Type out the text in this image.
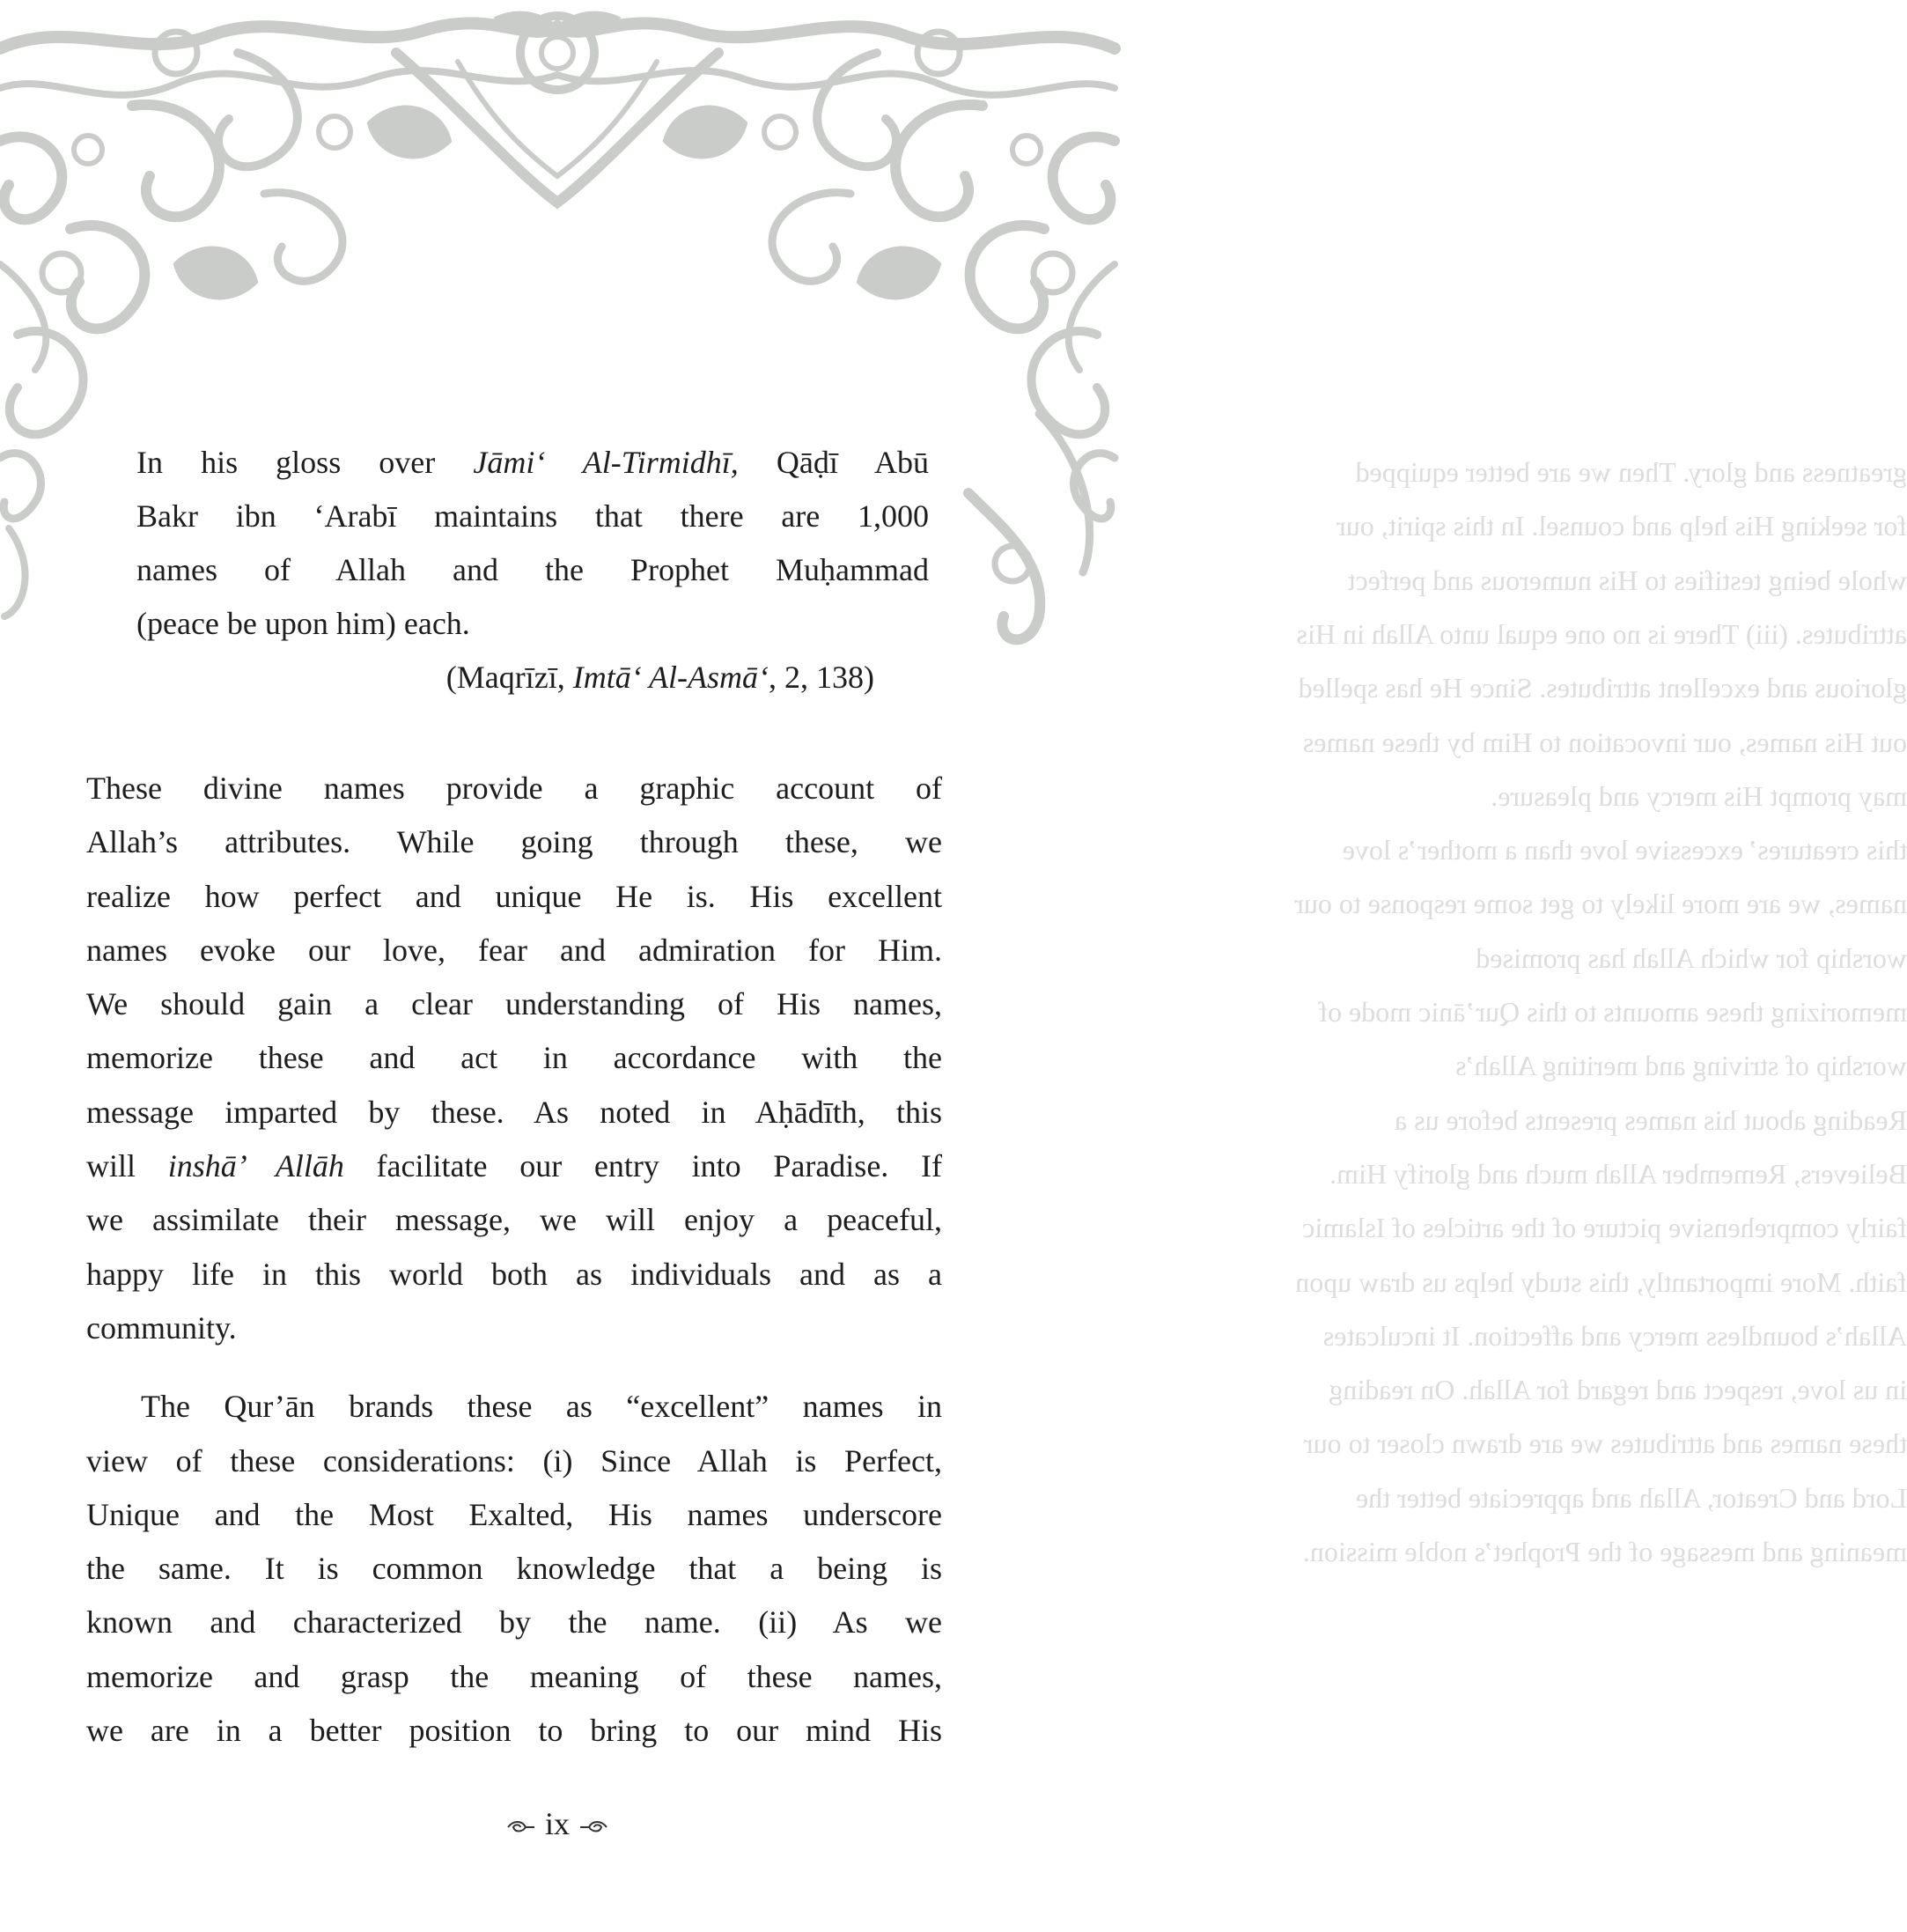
greatness and glory. Then we are better equipped
for seeking His help and counsel. In this spirit, our
whole being testifies to His numerous and perfect
attributes. (iii) There is no one equal unto Allah in His
glorious and excellent attributes. Since He has spelled
out His names, our invocation to Him by these names
may prompt His mercy and pleasure.
this creatures’ excessive love than a mother’s love
names, we are more likely to get some response to our
worship for which Allah has promised
memorizing these amounts to this Qur’ānic mode of
worship of striving and meriting Allah’s
Reading about his names presents before us a
Believers, Remember Allah much and glorify Him.
fairly comprehensive picture of the articles of Islamic
faith. More importantly, this study helps us draw upon
Allah’s boundless mercy and affection. It inculcates
in us love, respect and regard for Allah. On reading
these names and attributes we are drawn closer to our
Lord and Creator, Allah and appreciate better the
meaning and message of the Prophet’s noble mission.
In his gloss over Jāmi‘ Al-Tirmidhī, Qāḍī Abū
Bakr ibn ‘Arabī maintains that there are 1,000
names of Allah and the Prophet Muḥammad
(peace be upon him) each.
(Maqrīzī, Imtā‘ Al-Asmā‘, 2, 138)
These divine names provide a graphic account of
Allah’s attributes. While going through these, we
realize how perfect and unique He is. His excellent
names evoke our love, fear and admiration for Him.
We should gain a clear understanding of His names,
memorize these and act in accordance with the
message imparted by these. As noted in Aḥādīth, this
will inshā’ Allāh facilitate our entry into Paradise. If
we assimilate their message, we will enjoy a peaceful,
happy life in this world both as individuals and as a
community.
The Qur’ān brands these as “excellent” names in
view of these considerations: (i) Since Allah is Perfect,
Unique and the Most Exalted, His names underscore
the same. It is common knowledge that a being is
known and characterized by the name. (ii) As we
memorize and grasp the meaning of these names,
we are in a better position to bring to our mind His
ix
